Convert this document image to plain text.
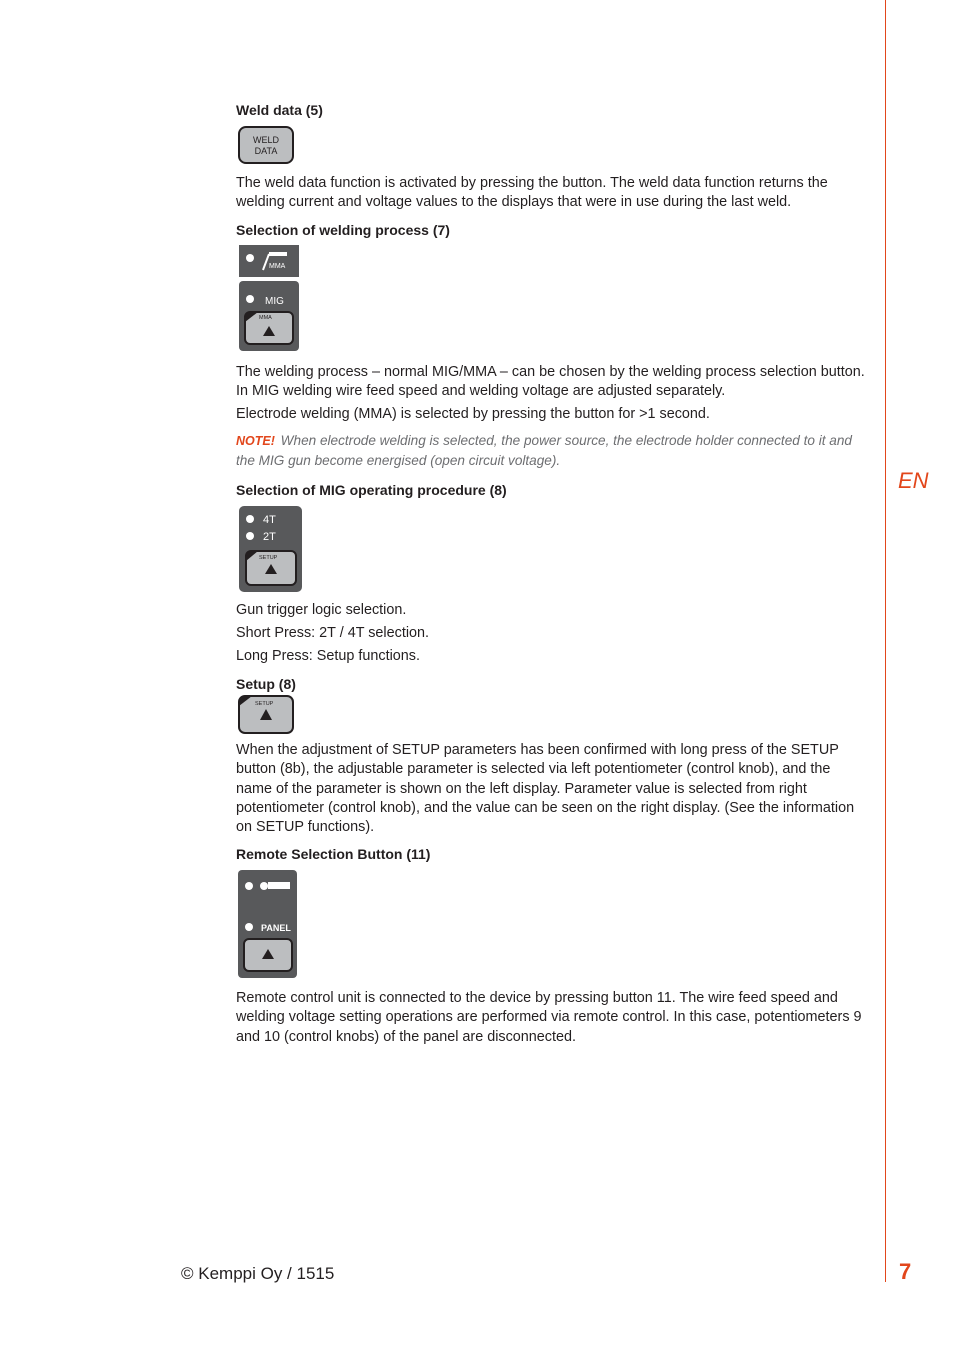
EN
Weld data (5)
WELD
DATA
The weld data function is activated by pressing the button. The weld data function returns the welding current and voltage values to the displays that were in use during the last weld.
Selection of welding process (7)
MMA
MIG
MMA
The welding process – normal MIG/MMA – can be chosen by the welding process selection button. In MIG welding wire feed speed and welding voltage are adjusted separately.
Electrode welding (MMA) is selected by pressing the button for >1 second.
NOTE! When electrode welding is selected, the power source, the electrode holder connected to it and the MIG gun become energised (open circuit voltage).
Selection of MIG operating procedure (8)
4T
2T
SETUP
Gun trigger logic selection.
Short Press: 2T / 4T selection.
Long Press: Setup functions.
Setup (8)
SETUP
When the adjustment of SETUP parameters has been confirmed with long press of the SETUP button (8b), the adjustable parameter is selected via left potentiometer (control knob), and the name of the parameter is shown on the left display. Parameter value is selected from right potentiometer (control knob), and the value can be seen on the right display. (See the information on SETUP functions).
Remote Selection Button (11)
PANEL
Remote control unit is connected to the device by pressing button 11. The wire feed speed and welding voltage setting operations are performed via remote control. In this case, potentiometers 9 and 10 (control knobs) of the panel are disconnected.
© Kemppi Oy / 1515	7
